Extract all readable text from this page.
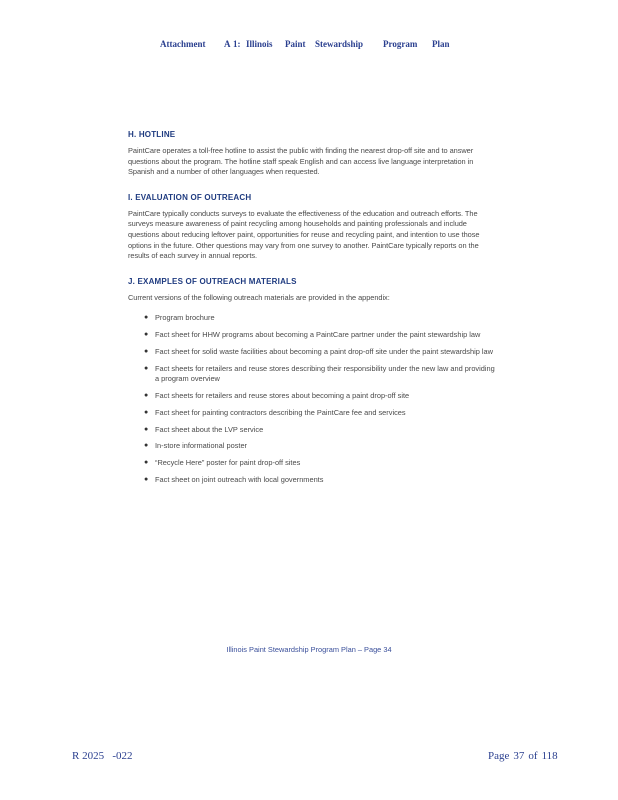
Attachment A 1: Illinois Paint Stewardship Program Plan
H. HOTLINE

PaintCare operates a toll-free hotline to assist the public with finding the nearest drop-off site and to answer questions about the program. The hotline staff speak English and can access live language interpretation in Spanish and a number of other languages when requested.

I. EVALUATION OF OUTREACH

PaintCare typically conducts surveys to evaluate the effectiveness of the education and outreach efforts. The surveys measure awareness of paint recycling among households and painting professionals and include questions about reducing leftover paint, opportunities for reuse and recycling paint, and intention to use those options in the future. Other questions may vary from one survey to another. PaintCare typically reports on the results of each survey in annual reports.

J. EXAMPLES OF OUTREACH MATERIALS

Current versions of the following outreach materials are provided in the appendix:

● Program brochure
● Fact sheet for HHW programs about becoming a PaintCare partner under the paint stewardship law
● Fact sheet for solid waste facilities about becoming a paint drop-off site under the paint stewardship law
● Fact sheets for retailers and reuse stores describing their responsibility under the new law and providing a program overview
● Fact sheets for retailers and reuse stores about becoming a paint drop-off site
● Fact sheet for painting contractors describing the PaintCare fee and services
● Fact sheet about the LVP service
● In-store informational poster
● “Recycle Here” poster for paint drop-off sites
● Fact sheet on joint outreach with local governments
Illinois Paint Stewardship Program Plan – Page 34
R 2025   -022	Page 37 of 118
